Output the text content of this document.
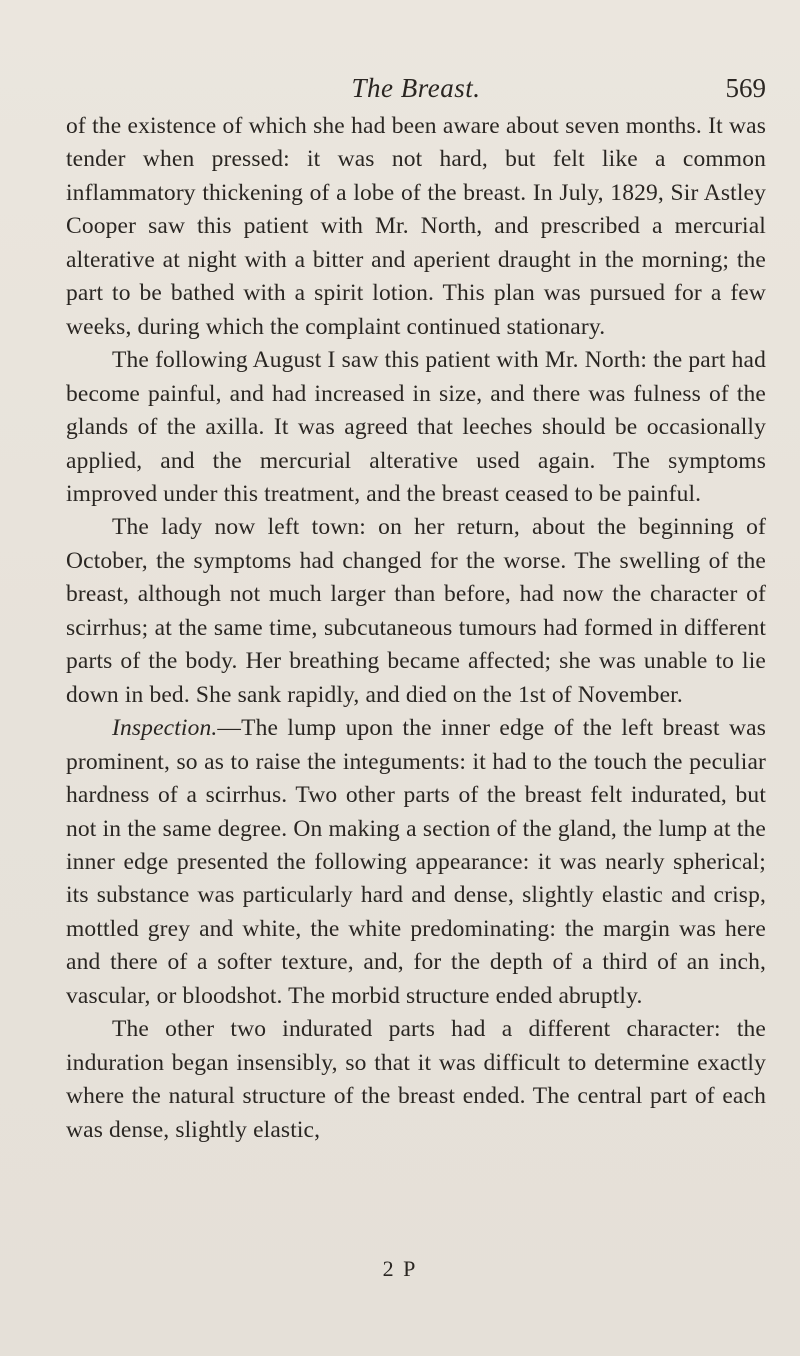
The Breast.	569

of the existence of which she had been aware about seven months. It was tender when pressed: it was not hard, but felt like a common inflammatory thickening of a lobe of the breast. In July, 1829, Sir Astley Cooper saw this patient with Mr. North, and prescribed a mercurial alterative at night with a bitter and aperient draught in the morning; the part to be bathed with a spirit lotion. This plan was pursued for a few weeks, during which the complaint continued stationary.

The following August I saw this patient with Mr. North: the part had become painful, and had increased in size, and there was fulness of the glands of the axilla. It was agreed that leeches should be occasionally applied, and the mercurial alterative used again. The symptoms improved under this treatment, and the breast ceased to be painful.

The lady now left town: on her return, about the beginning of October, the symptoms had changed for the worse. The swelling of the breast, although not much larger than before, had now the character of scirrhus; at the same time, subcutaneous tumours had formed in different parts of the body. Her breathing became affected; she was unable to lie down in bed. She sank rapidly, and died on the 1st of November.

Inspection.—The lump upon the inner edge of the left breast was prominent, so as to raise the integuments: it had to the touch the peculiar hardness of a scirrhus. Two other parts of the breast felt indurated, but not in the same degree. On making a section of the gland, the lump at the inner edge presented the following appearance: it was nearly spherical; its substance was particularly hard and dense, slightly elastic and crisp, mottled grey and white, the white predominating: the margin was here and there of a softer texture, and, for the depth of a third of an inch, vascular, or bloodshot. The morbid structure ended abruptly.

The other two indurated parts had a different character: the induration began insensibly, so that it was difficult to determine exactly where the natural structure of the breast ended. The central part of each was dense, slightly elastic,

2 P
